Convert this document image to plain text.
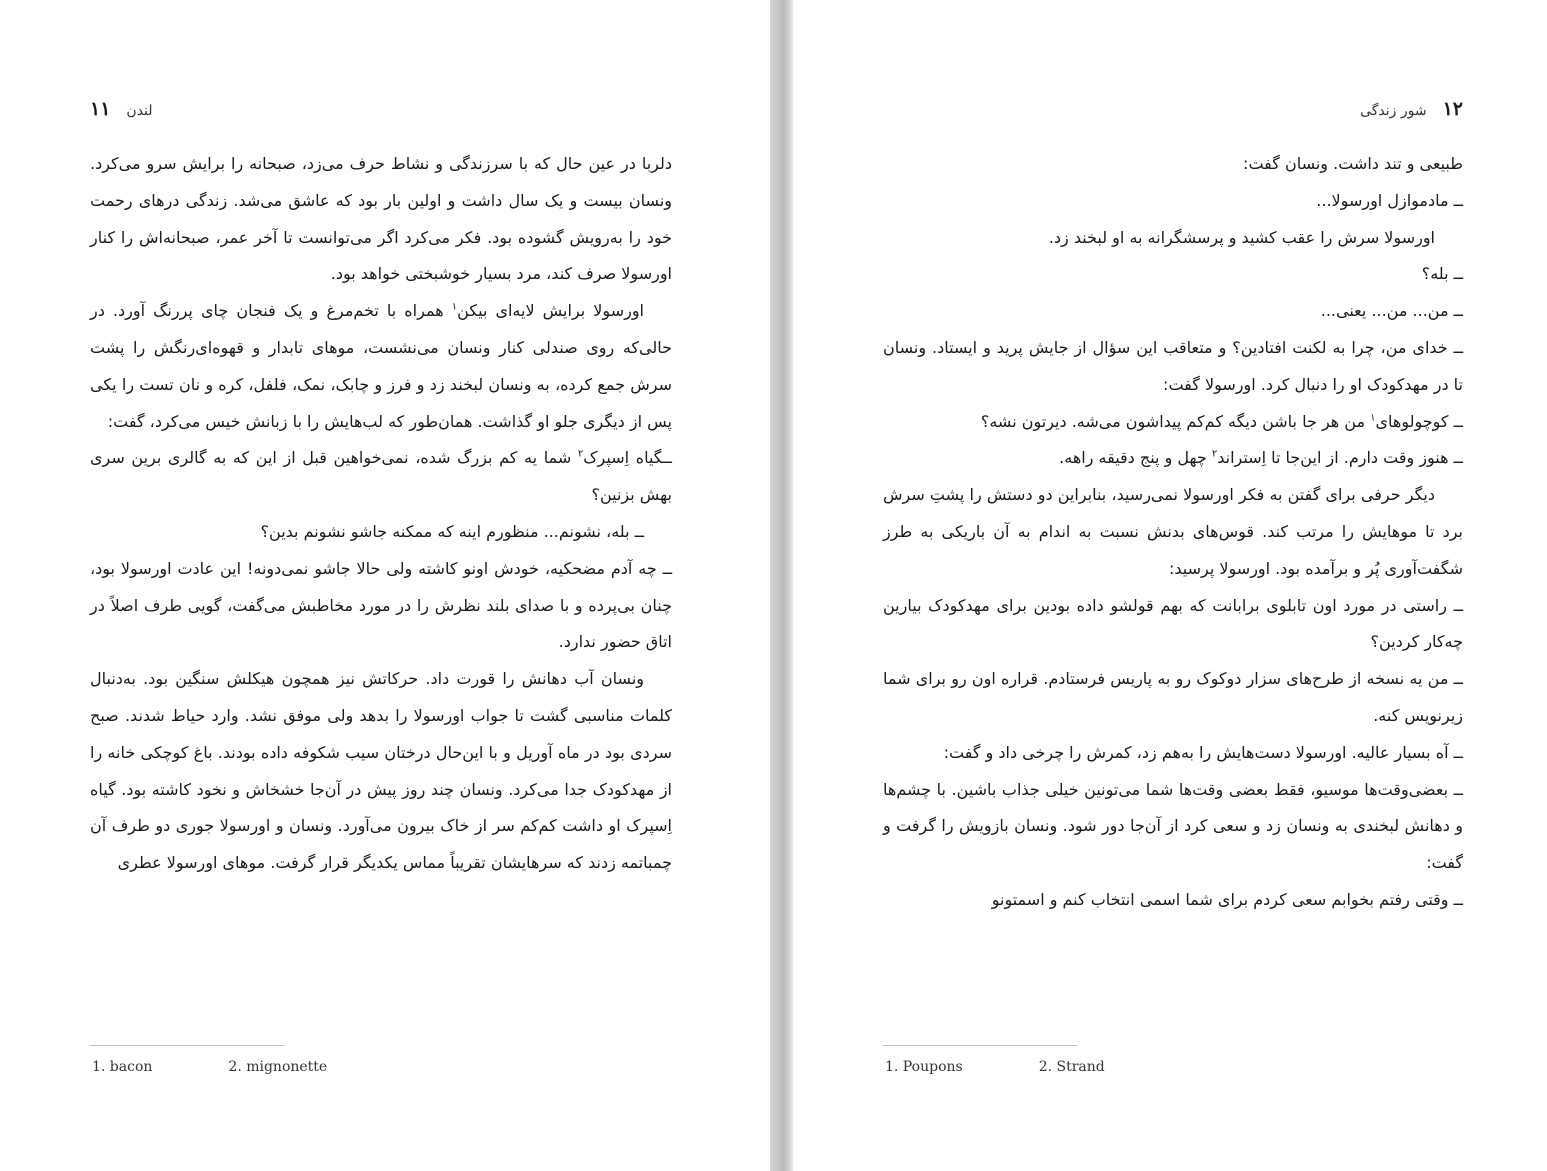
۱۱ لندن

دلربا در عین حال که با سرزندگی و نشاط حرف می‌زد، صبحانه را برایش سرو می‌کرد. ونسان بیست و یک سال داشت و اولین بار بود که عاشق می‌شد. زندگی درهای رحمت خود را به‌رویش گشوده بود. فکر می‌کرد اگر می‌توانست تا آخر عمر، صبحانه‌اش را کنار اورسولا صرف کند، مرد بسیار خوشبختی خواهد بود.

اورسولا برایش لایه‌ای بیکن$^۱$ همراه با تخم‌مرغ و یک فنجان چای پررنگ آورد. در حالی‌که روی صندلی کنار ونسان می‌نشست، موهای تابدار و قهوه‌ای‌رنگش را پشت سرش جمع کرده، به ونسان لبخند زد و فرز و چابک، نمک، فلفل، کره و نان تست را یکی پس از دیگری جلو او گذاشت. همان‌طور که لب‌هایش را با زبانش خیس می‌کرد، گفت:

ــگیاه اِسپرک$^۲$ شما یه کم بزرگ شده، نمی‌خواهین قبل از این که به گالری برین سری بهش بزنین؟

ــ بله، نشونم... منظورم اینه که ممکنه جاشو نشونم بدین؟

ــ چه آدم مضحکیه، خودش اونو کاشته ولی حالا جاشو نمی‌دونه! این عادت اورسولا بود، چنان بی‌پرده و با صدای بلند نظرش را در مورد مخاطبش می‌گفت، گویی طرف اصلاً در اتاق حضور ندارد.

ونسان آب دهانش را قورت داد. حرکاتش نیز همچون هیکلش سنگین بود. به‌دنبال کلمات مناسبی گشت تا جواب اورسولا را بدهد ولی موفق نشد. وارد حیاط شدند. صبح سردی بود در ماه آوریل و با این‌حال درختان سیب شکوفه داده بودند. باغ کوچکی خانه را از مهدکودک جدا می‌کرد. ونسان چند روز پیش در آن‌جا خشخاش و نخود کاشته بود. گیاه اِسپرک او داشت کم‌کم سر از خاک بیرون می‌آورد. ونسان و اورسولا جوری دو طرف آن چمباتمه زدند که سرهایشان تقریباً مماس یکدیگر قرار گرفت. موهای اورسولا عطری

1. bacon	2. mignonette
۱۲
شور زندگی

طبیعی و تند داشت. ونسان گفت:

ــ مادموازل اورسولا...

اورسولا سرش را عقب کشید و پرسشگرانه به او لبخند زد.

ــ بله؟

ــ من... من... یعنی...

ــ خدای من، چرا به لکنت افتادین؟ و متعاقب این سؤال از جایش پرید و ایستاد. ونسان تا در مهدکودک او را دنبال کرد. اورسولا گفت:

ــ کوچولوهای$^۱$ من هر جا باشن دیگه کم‌کم پیداشون می‌شه. دیرتون نشه؟

ــ هنوز وقت دارم. از این‌جا تا اِستراند$^۲$ چهل و پنج دقیقه راهه.

دیگر حرفی برای گفتن به فکر اورسولا نمی‌رسید، بنابراین دو دستش را پشتِ سرش برد تا موهایش را مرتب کند. قوس‌های بدنش نسبت به اندام به آن باریکی به طرز شگفت‌آوری پُر و برآمده بود. اورسولا پرسید:

ــ راستی در مورد اون تابلوی برابانت که بهم قولشو داده بودین برای مهدکودک بیارین چه‌کار کردین؟

ــ من یه نسخه از طرح‌های سزار دوکوک رو به پاریس فرستادم. قراره اون رو برای شما زیرنویس کنه.

ــ آه بسیار عالیه. اورسولا دست‌هایش را به‌هم زد، کمرش را چرخی داد و گفت:

ــ بعضی‌وقت‌ها موسیو، فقط بعضی وقت‌ها شما می‌تونین خیلی جذاب باشین. با چشم‌ها و دهانش لبخندی به ونسان زد و سعی کرد از آن‌جا دور شود. ونسان بازویش را گرفت و گفت:

ــ وقتی رفتم بخوابم سعی کردم برای شما اسمی انتخاب کنم و اسمتونو

1. Poupons	2. Strand
